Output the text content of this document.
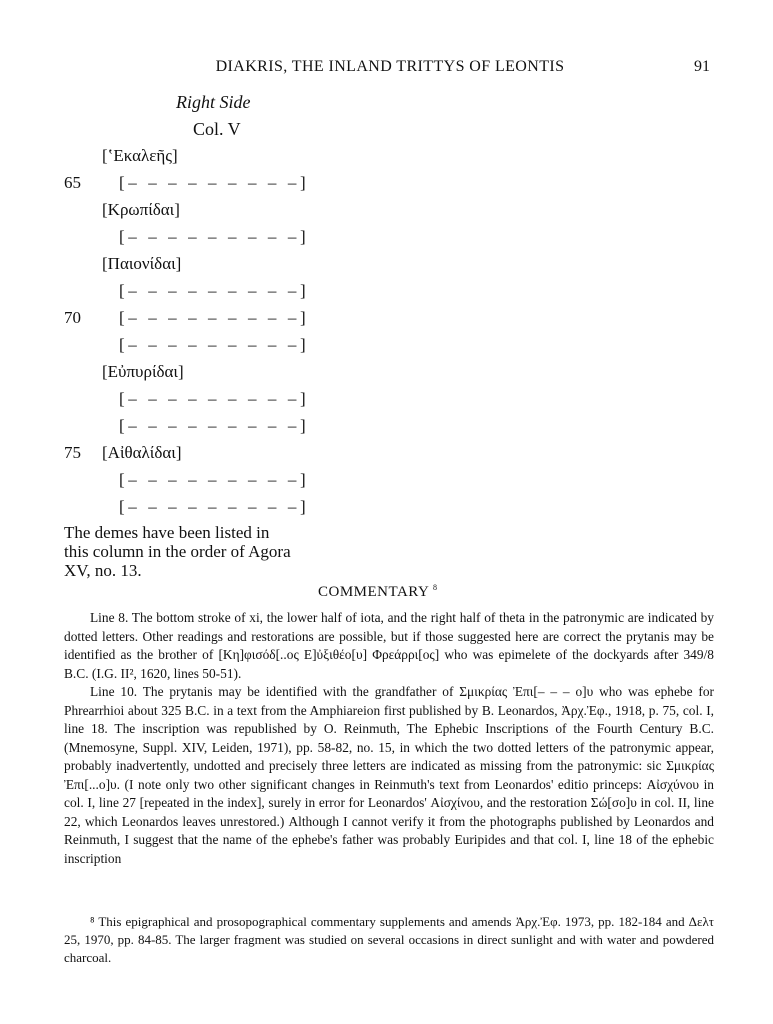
DIAKRIS, THE INLAND TRITTYS OF LEONTIS	91
Right Side
Col. V
[ʽΕκαλεῆς]
65 [– – – – – – – – –]
[Κρωπίδαι]
[– – – – – – – – –]
[Παιονίδαι]
[– – – – – – – – –]
70 [– – – – – – – – –]
[– – – – – – – – –]
[Εὐπυρίδαι]
[– – – – – – – – –]
[– – – – – – – – –]
75 [Αἰθαλίδαι]
[– – – – – – – – –]
[– – – – – – – – –]
The demes have been listed in this column in the order of Agora XV, no. 13.
COMMENTARY $^8$

Line 8. The bottom stroke of xi, the lower half of iota, and the right half of theta in the patronymic are indicated by dotted letters. Other readings and restorations are possible, but if those suggested here are correct the prytanis may be identified as the brother of [Κη]φισόδ[..ος Ε]ὐξιθέο[υ] Φρεάρρι[ος] who was epimelete of the dockyards after 349/8 B.C. (I.G. II², 1620, lines 50-51).

Line 10. The prytanis may be identified with the grandfather of Σμικρίας Ἐπι[– – – o]υ who was ephebe for Phrearrhioi about 325 B.C. in a text from the Amphiareion first published by B. Leonardos, Ἀρχ.Ἐφ., 1918, p. 75, col. I, line 18. The inscription was republished by O. Reinmuth, The Ephebic Inscriptions of the Fourth Century B.C. (Mnemosyne, Suppl. XIV, Leiden, 1971), pp. 58-82, no. 15, in which the two dotted letters of the patronymic appear, probably inadvertently, undotted and precisely three letters are indicated as missing from the patronymic: sic Σμικρίας Ἐπι[...ο]υ. (I note only two other significant changes in Reinmuth's text from Leonardos' editio princeps: Αἰσχύνου in col. I, line 27 [repeated in the index], surely in error for Leonardos' Αἰσχίνου, and the restoration Σώ[σο]υ in col. II, line 22, which Leonardos leaves unrestored.) Although I cannot verify it from the photographs published by Leonardos and Reinmuth, I suggest that the name of the ephebe's father was probably Euripides and that col. I, line 18 of the ephebic inscription

⁸ This epigraphical and prosopographical commentary supplements and amends Ἀρχ.Ἐφ. 1973, pp. 182-184 and Δελτ 25, 1970, pp. 84-85. The larger fragment was studied on several occasions in direct sunlight and with water and powdered charcoal.
